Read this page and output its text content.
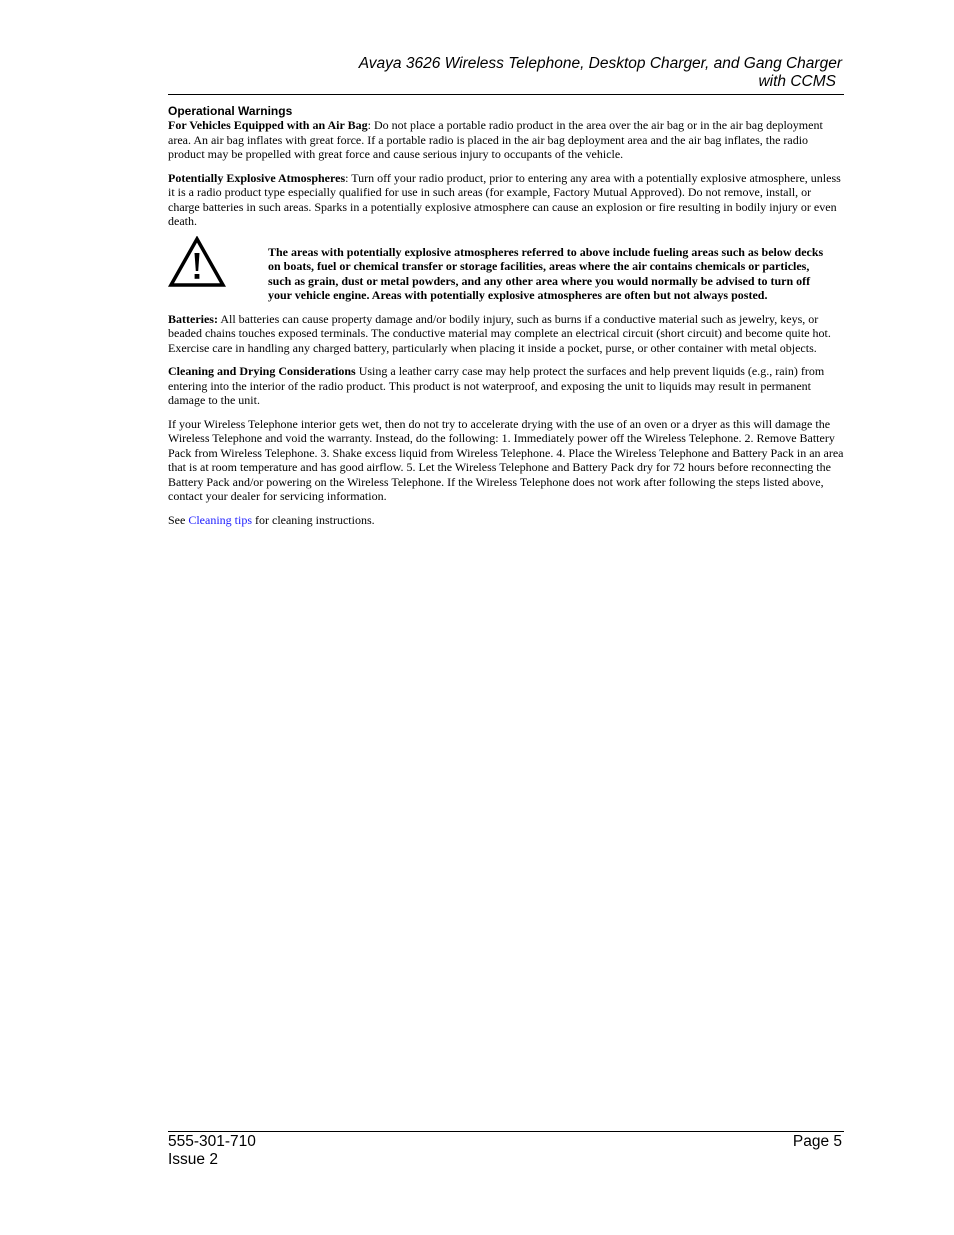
Avaya 3626 Wireless Telephone, Desktop Charger, and Gang Charger
with CCMS
Operational Warnings

For Vehicles Equipped with an Air Bag: Do not place a portable radio product in the area over the air bag or in the air bag deployment area. An air bag inflates with great force. If a portable radio is placed in the air bag deployment area and the air bag inflates, the radio product may be propelled with great force and cause serious injury to occupants of the vehicle.

Potentially Explosive Atmospheres: Turn off your radio product, prior to entering any area with a potentially explosive atmosphere, unless it is a radio product type especially qualified for use in such areas (for example, Factory Mutual Approved). Do not remove, install, or charge batteries in such areas. Sparks in a potentially explosive atmosphere can cause an explosion or fire resulting in bodily injury or even death.

The areas with potentially explosive atmospheres referred to above include fueling areas such as below decks on boats, fuel or chemical transfer or storage facilities, areas where the air contains chemicals or particles, such as grain, dust or metal powders, and any other area where you would normally be advised to turn off your vehicle engine. Areas with potentially explosive atmospheres are often but not always posted.

Batteries: All batteries can cause property damage and/or bodily injury, such as burns if a conductive material such as jewelry, keys, or beaded chains touches exposed terminals. The conductive material may complete an electrical circuit (short circuit) and become quite hot. Exercise care in handling any charged battery, particularly when placing it inside a pocket, purse, or other container with metal objects.

Cleaning and Drying Considerations Using a leather carry case may help protect the surfaces and help prevent liquids (e.g., rain) from entering into the interior of the radio product. This product is not waterproof, and exposing the unit to liquids may result in permanent damage to the unit.

If your Wireless Telephone interior gets wet, then do not try to accelerate drying with the use of an oven or a dryer as this will damage the Wireless Telephone and void the warranty. Instead, do the following: 1. Immediately power off the Wireless Telephone. 2. Remove Battery Pack from Wireless Telephone. 3. Shake excess liquid from Wireless Telephone. 4. Place the Wireless Telephone and Battery Pack in an area that is at room temperature and has good airflow. 5. Let the Wireless Telephone and Battery Pack dry for 72 hours before reconnecting the Battery Pack and/or powering on the Wireless Telephone. If the Wireless Telephone does not work after following the steps listed above, contact your dealer for servicing information.

See Cleaning tips for cleaning instructions.

555-301-710	Page 5
Issue 2
